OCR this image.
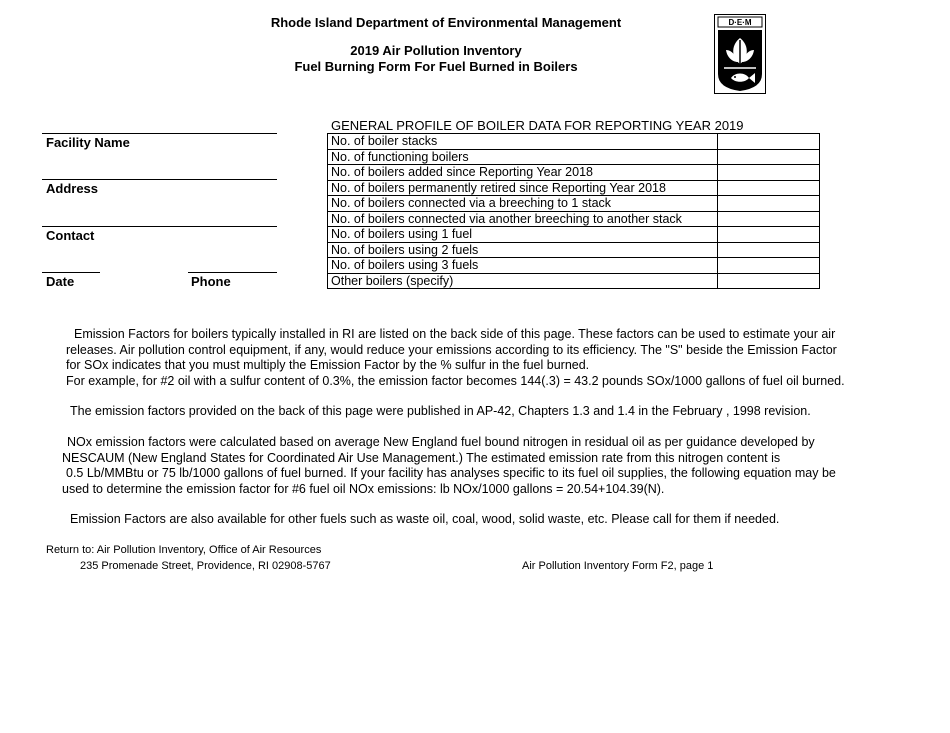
Rhode Island Department of Environmental Management
2019 Air Pollution Inventory
Fuel Burning Form For Fuel Burned in Boilers
D·E·M
Facility Name
Address
Contact
Date	Phone
GENERAL PROFILE OF BOILER DATA FOR REPORTING YEAR 2019
No. of boiler stacks	
No. of functioning boilers	
No. of boilers added since Reporting Year 2018	
No. of boilers permanently retired since Reporting Year 2018	
No. of boilers connected via a breeching to 1 stack	
No. of boilers connected via another breeching to another stack	
No. of boilers using 1 fuel	
No. of boilers using 2 fuels	
No. of boilers using 3 fuels	
Other boilers (specify)	
Emission Factors for boilers typically installed in RI are listed on the back side of this page. These factors can be used to estimate your air
releases. Air pollution control equipment, if any, would reduce your emissions according to its efficiency. The "S" beside the Emission Factor
for SOx indicates that you must multiply the Emission Factor by the % sulfur in the fuel burned.
For example, for #2 oil with a sulfur content of 0.3%, the emission factor becomes 144(.3) = 43.2 pounds SOx/1000 gallons of fuel oil burned.
The emission factors provided on the back of this page were published in AP-42, Chapters 1.3 and 1.4 in the February , 1998 revision.
NOx emission factors were calculated based on average New England fuel bound nitrogen in residual oil as per guidance developed by
NESCAUM (New England States for Coordinated Air Use Management.) The estimated emission rate from this nitrogen content is
0.5 Lb/MMBtu or 75 lb/1000 gallons of fuel burned. If your facility has analyses specific to its fuel oil supplies, the following equation may be
used to determine the emission factor for #6 fuel oil NOx emissions: lb NOx/1000 gallons = 20.54+104.39(N).
Emission Factors are also available for other fuels such as waste oil, coal, wood, solid waste, etc. Please call for them if needed.
Return to: Air Pollution Inventory, Office of Air Resources
235 Promenade Street, Providence, RI 02908-5767	Air Pollution Inventory Form F2, page 1
